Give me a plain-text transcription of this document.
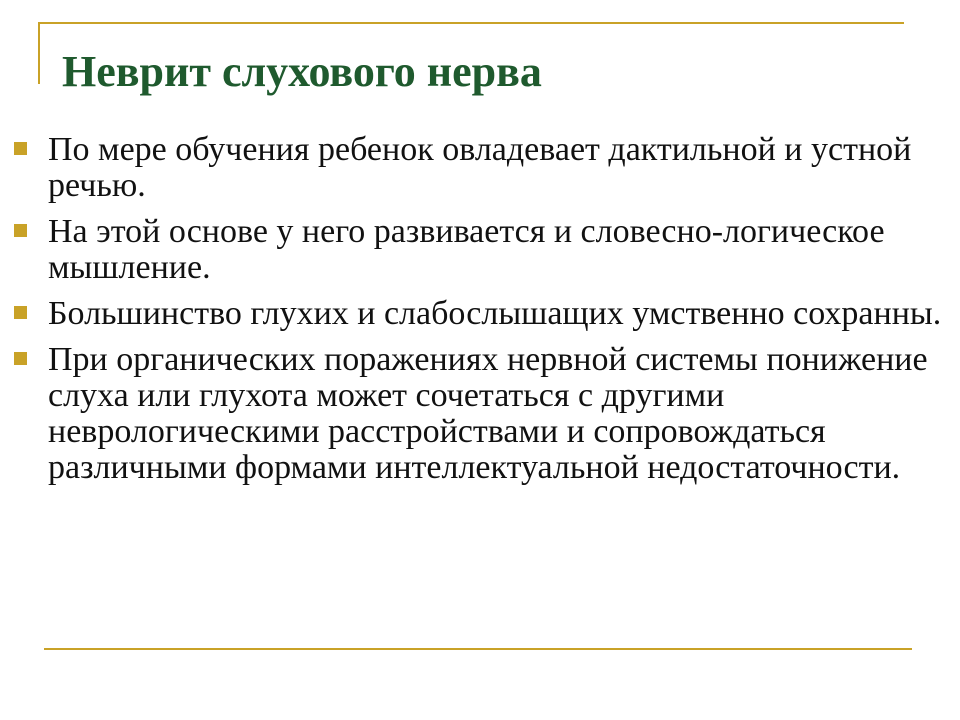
Неврит слухового нерва
По мере обучения ребенок овладевает дактильной и устной речью.
На этой основе у него развивается и словесно-логическое мышление.
Большинство глухих и слабослышащих умственно сохранны.
При органических поражениях нервной системы понижение слуха или глухота может сочетаться с другими неврологическими расстройствами и сопровождаться различными формами интеллектуальной недостаточности.
